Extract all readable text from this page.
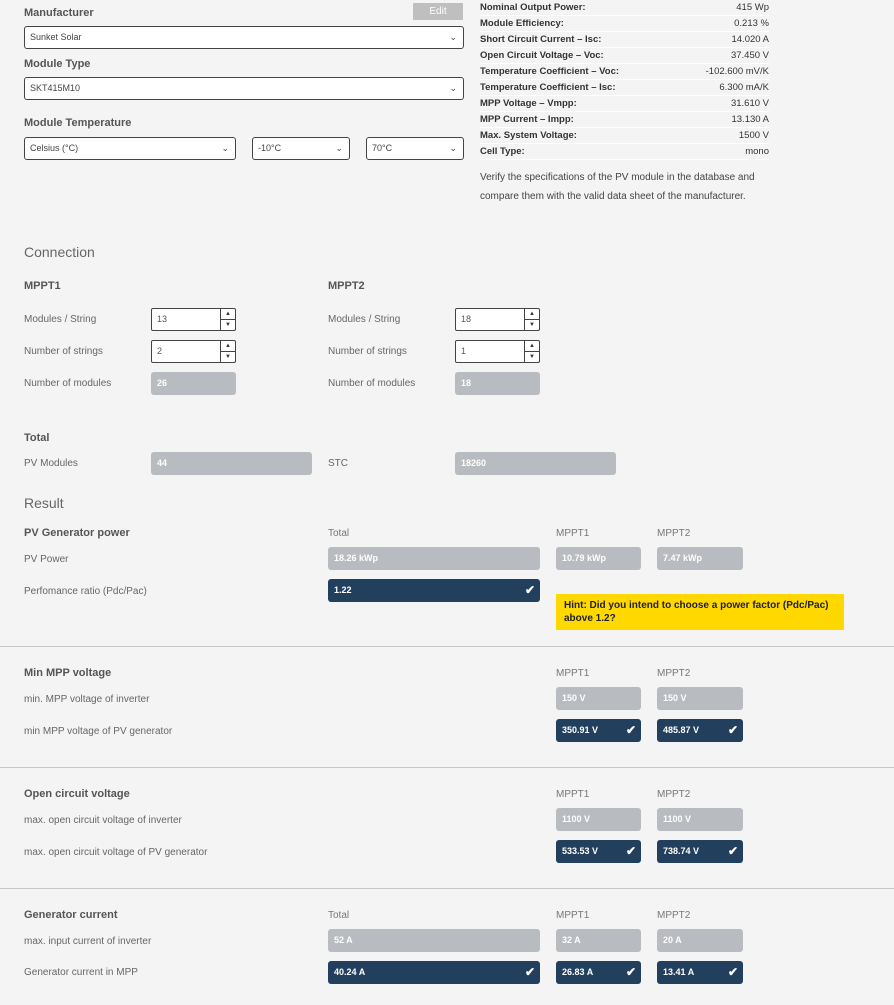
Manufacturer	Edit
Sunket Solar	⌄
Module Type
SKT415M10	⌄
Module Temperature
Celsius (°C)	⌄	-10°C	⌄	70°C	⌄
Nominal Output Power:	415 Wp
Module Efficiency:	0.213 %
Short Circuit Current – Isc:	14.020 A
Open Circuit Voltage – Voc:	37.450 V
Temperature Coefficient – Voc:	-102.600 mV/K
Temperature Coefficient – Isc:	6.300 mA/K
MPP Voltage – Vmpp:	31.610 V
MPP Current – Impp:	13.130 A
Max. System Voltage:	1500 V
Cell Type:	mono
Verify the specifications of the PV module in the database and compare them with the valid data sheet of the manufacturer.
Connection
MPPT1
Modules / String	13	▲
▼
Number of strings	2	▲
▼
Number of modules	26
MPPT2
Modules / String	18	▲
▼
Number of strings	1	▲
▼
Number of modules	18
Total
PV Modules	44	STC	18260
Result
PV Generator power	Total	MPPT1	MPPT2
PV Power	18.26 kWp	10.79 kWp	7.47 kWp
Perfomance ratio (Pdc/Pac)	1.22	✔
Hint: Did you intend to choose a power factor (Pdc/Pac) above 1.2?
Min MPP voltage	MPPT1	MPPT2
min. MPP voltage of inverter	150 V	150 V
min MPP voltage of PV generator	350.91 V ✔	485.87 V ✔
Open circuit voltage	MPPT1	MPPT2
max. open circuit voltage of inverter	1100 V	1100 V
max. open circuit voltage of PV generator	533.53 V ✔	738.74 V ✔
Generator current	Total	MPPT1	MPPT2
max. input current of inverter	52 A	32 A	20 A
Generator current in MPP	40.24 A	✔	26.83 A	✔	13.41 A	✔
